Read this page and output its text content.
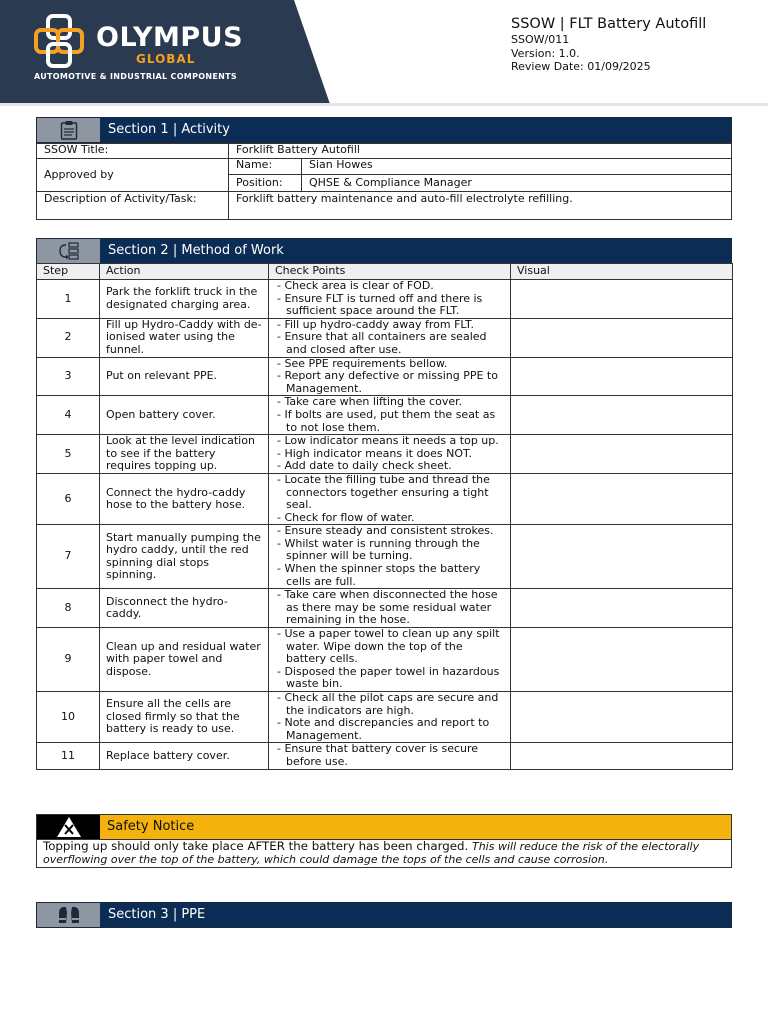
OLYMPUS
GLOBAL
AUTOMOTIVE & INDUSTRIAL COMPONENTS
SSOW | FLT Battery Autofill
SSOW/011
Version: 1.0.
Review Date: 01/09/2025
Section 1 | Activity
SSOW Title:	Forklift Battery Autofill	
Approved by	Name:	Sian Howes
	Position:	QHSE & Compliance Manager
Description of Activity/Task:	Forklift battery maintenance and auto-fill electrolyte refilling.	
Section 2 | Method of Work
Step	Action	Check Points	Visual
1	Park the forklift truck in the designated charging area.	- Check area is clear of FOD.
- Ensure FLT is turned off and there is sufficient space around the FLT.	

2	Fill up Hydro-Caddy with de-ionised water using the funnel.	- Fill up hydro-caddy away from FLT.
- Ensure that all containers are sealed and closed after use.	

3	Put on relevant PPE.	- See PPE requirements bellow.
- Report any defective or missing PPE to Management.	

4	Open battery cover.	- Take care when lifting the cover.
- If bolts are used, put them the seat as to not lose them.	

5	Look at the level indication to see if the battery requires topping up.	- Low indicator means it needs a top up.
- High indicator means it does NOT.
- Add date to daily check sheet.	

6	Connect the hydro-caddy hose to the battery hose.	- Locate the filling tube and thread the connectors together ensuring a tight seal.
- Check for flow of water.	

7	Start manually pumping the hydro caddy, until the red spinning dial stops spinning.	- Ensure steady and consistent strokes.
- Whilst water is running through the spinner will be turning.
- When the spinner stops the battery cells are full.	

8	Disconnect the hydro-caddy.	- Take care when disconnected the hose as there may be some residual water remaining in the hose.	

9	Clean up and residual water with paper towel and dispose.	- Use a paper towel to clean up any spilt water. Wipe down the top of the battery cells.
- Disposed the paper towel in hazardous waste bin.	

10	Ensure all the cells are closed firmly so that the battery is ready to use.	- Check all the pilot caps are secure and the indicators are high.
- Note and discrepancies and report to Management.	

11	Replace battery cover.	- Ensure that battery cover is secure before use.	

Safety Notice
Topping up should only take place AFTER the battery has been charged. This will reduce the risk of the electorally overflowing over the top of the battery, which could damage the tops of the cells and cause corrosion.
Section 3 | PPE
